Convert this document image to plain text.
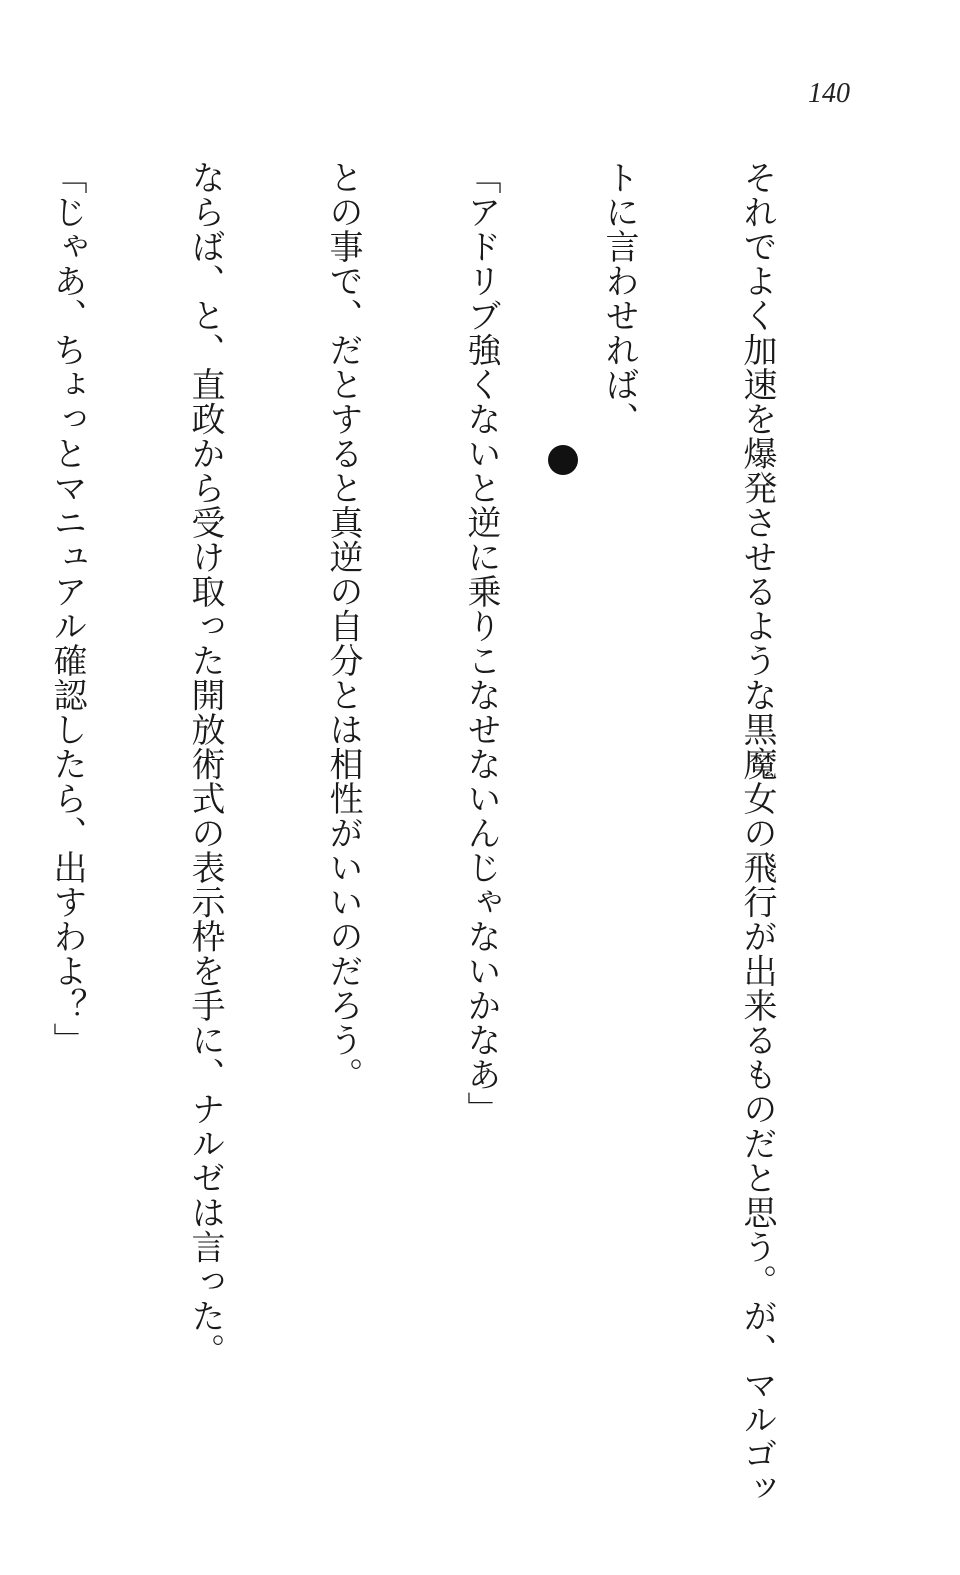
140

それでよく加速を爆発させるような黒魔女の飛行が出来るものだと思う。が、マルゴッ

トに言わせれば、

「アドリブ強くないと逆に乗りこなせないんじゃないかなあ」

との事で、だとすると真逆の自分とは相性がいいのだろう。

ならば、と、直政から受け取った開放術式の表示枠を手に、ナルゼは言った。

「じゃあ、ちょっとマニュアル確認したら、出すわよ？」
